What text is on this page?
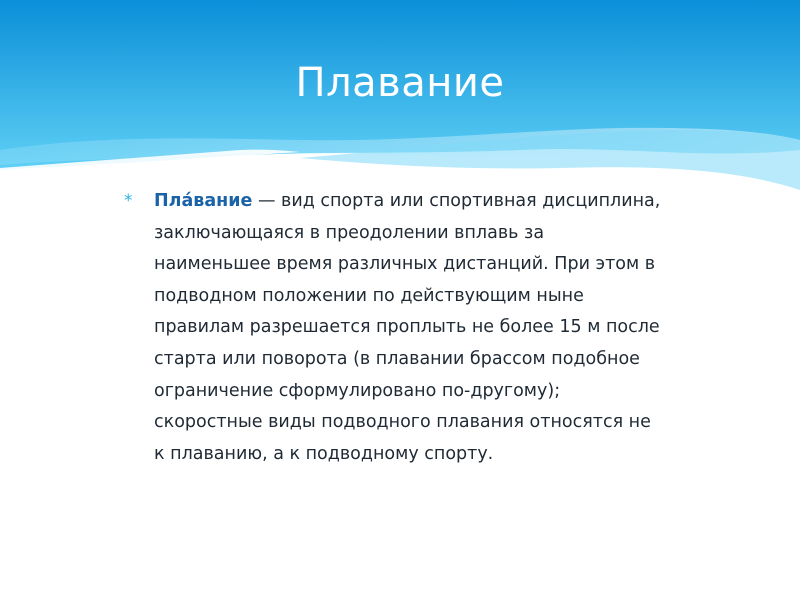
Плавание
*	Пла́вание — вид спорта или спортивная дисциплина, заключающаяся в преодолении вплавь за наименьшее время различных дистанций. При этом в подводном положении по действующим ныне правилам разрешается проплыть не более 15 м после старта или поворота (в плавании брассом подобное ограничение сформулировано по-другому); скоростные виды подводного плавания относятся не к плаванию, а к подводному спорту.
